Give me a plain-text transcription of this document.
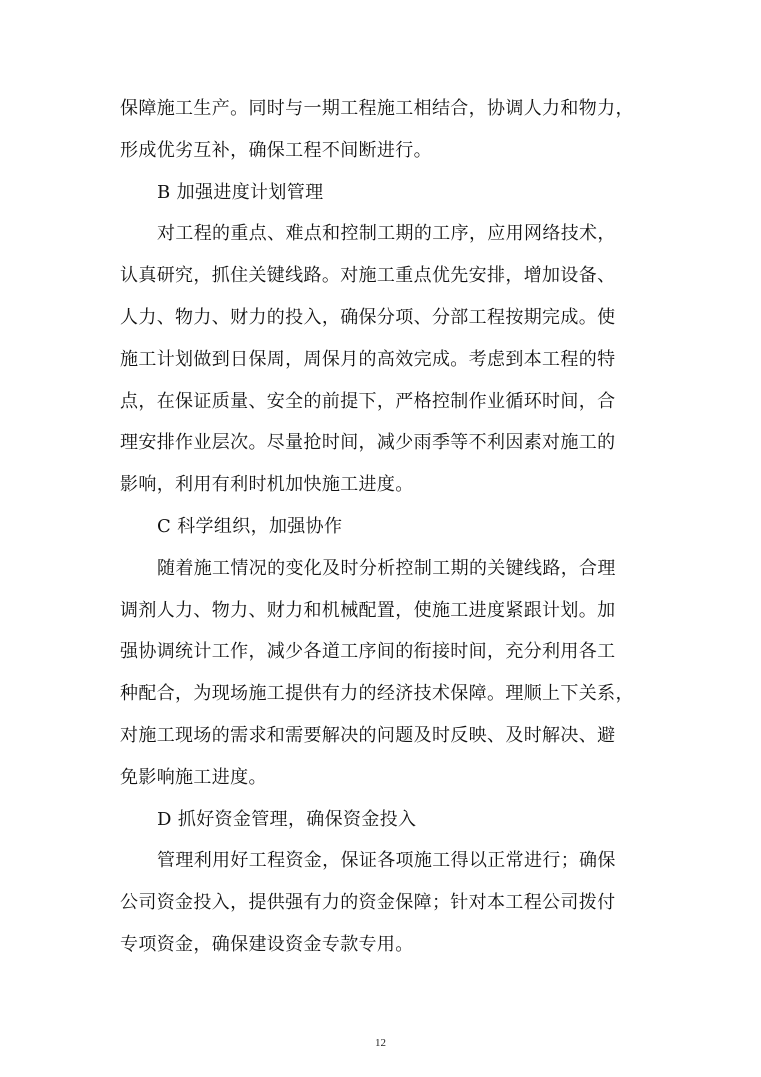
保障施工生产。同时与一期工程施工相结合，协调人力和物力，
形成优劣互补，确保工程不间断进行。
B 加强进度计划管理
对工程的重点、难点和控制工期的工序，应用网络技术，
认真研究，抓住关键线路。对施工重点优先安排，增加设备、
人力、物力、财力的投入，确保分项、分部工程按期完成。使
施工计划做到日保周，周保月的高效完成。考虑到本工程的特
点，在保证质量、安全的前提下，严格控制作业循环时间，合
理安排作业层次。尽量抢时间，减少雨季等不利因素对施工的
影响，利用有利时机加快施工进度。
C 科学组织，加强协作
随着施工情况的变化及时分析控制工期的关键线路，合理
调剂人力、物力、财力和机械配置，使施工进度紧跟计划。加
强协调统计工作，减少各道工序间的衔接时间，充分利用各工
种配合，为现场施工提供有力的经济技术保障。理顺上下关系，
对施工现场的需求和需要解决的问题及时反映、及时解决、避
免影响施工进度。
D 抓好资金管理，确保资金投入
管理利用好工程资金，保证各项施工得以正常进行；确保
公司资金投入，提供强有力的资金保障；针对本工程公司拨付
专项资金，确保建设资金专款专用。
12
